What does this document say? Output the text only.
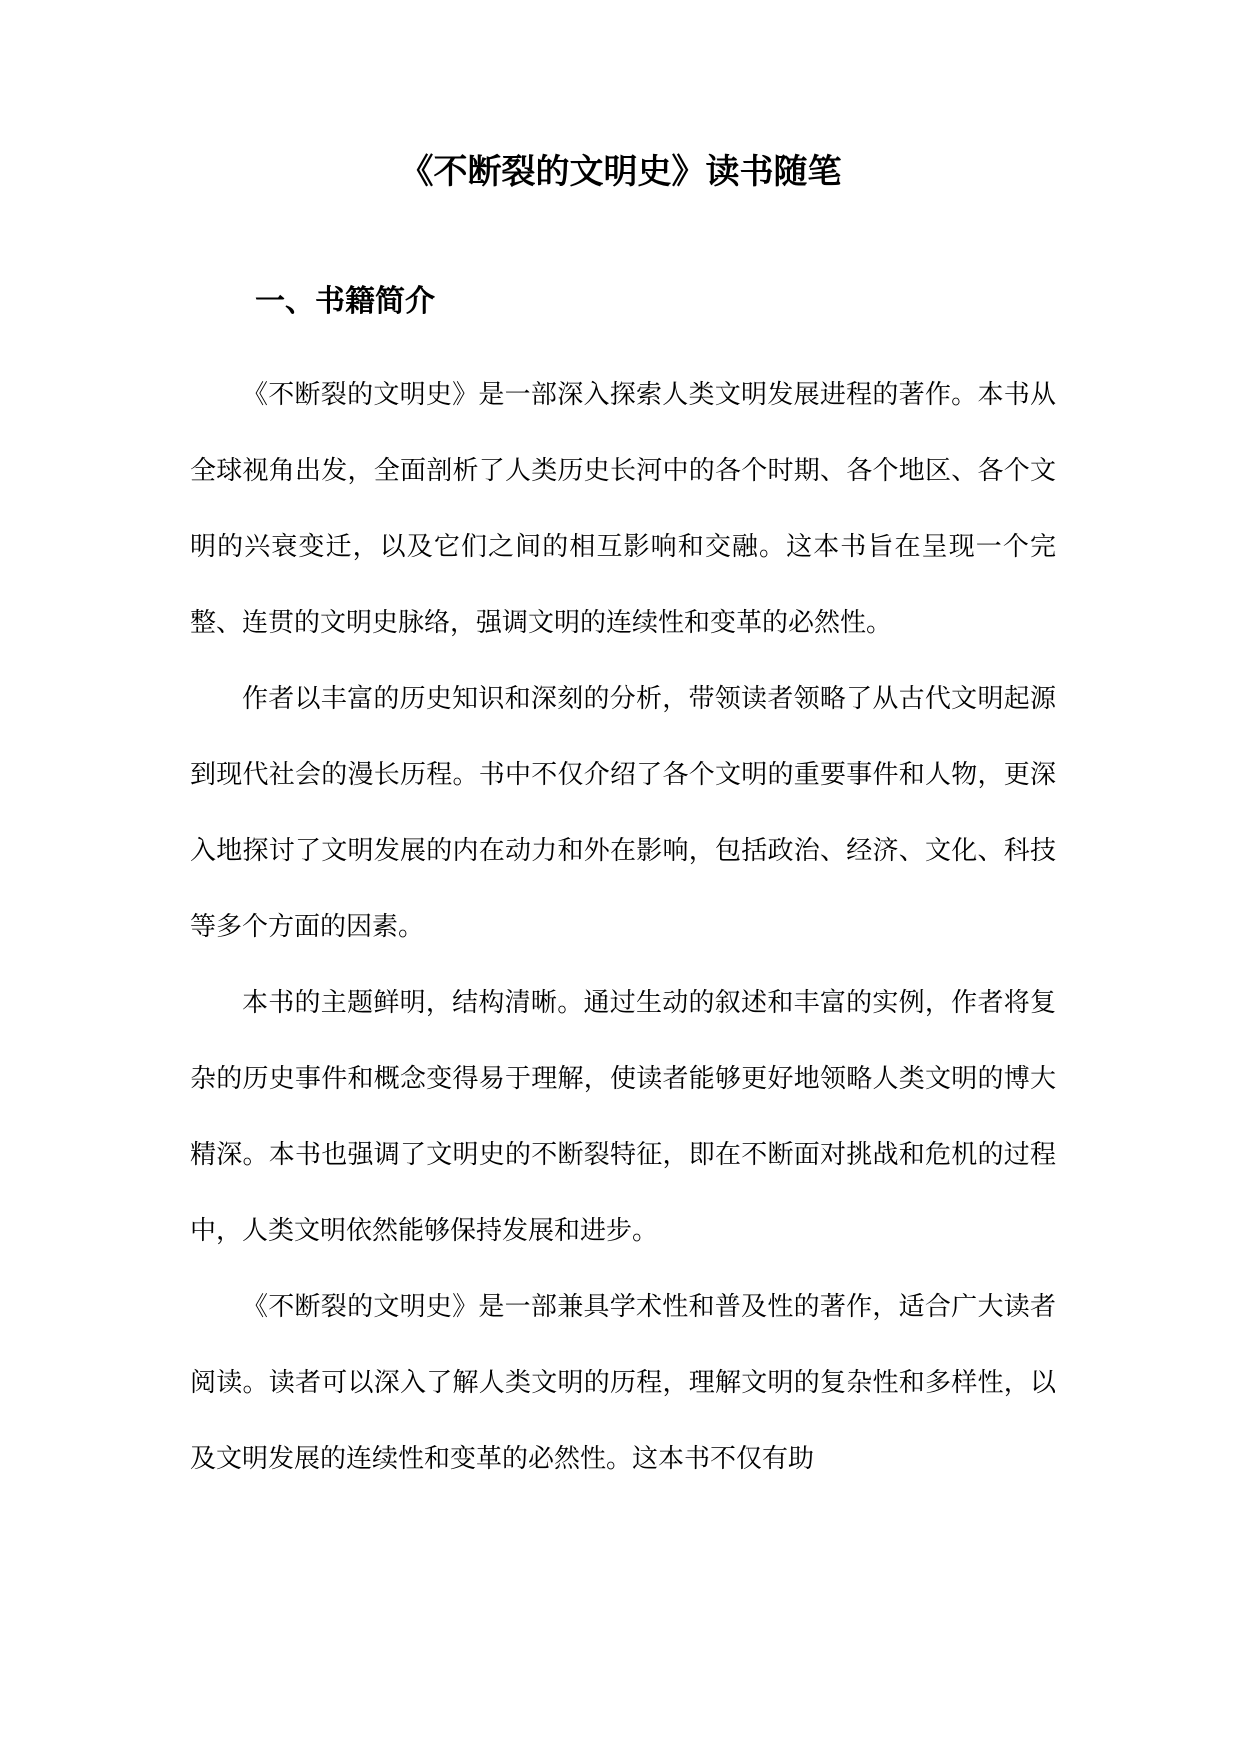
《不断裂的文明史》读书随笔
一、书籍简介

《不断裂的文明史》是一部深入探索人类文明发展进程的著作。本书从全球视角出发，全面剖析了人类历史长河中的各个时期、各个地区、各个文明的兴衰变迁，以及它们之间的相互影响和交融。这本书旨在呈现一个完整、连贯的文明史脉络，强调文明的连续性和变革的必然性。

作者以丰富的历史知识和深刻的分析，带领读者领略了从古代文明起源到现代社会的漫长历程。书中不仅介绍了各个文明的重要事件和人物，更深入地探讨了文明发展的内在动力和外在影响，包括政治、经济、文化、科技等多个方面的因素。

本书的主题鲜明，结构清晰。通过生动的叙述和丰富的实例，作者将复杂的历史事件和概念变得易于理解，使读者能够更好地领略人类文明的博大精深。本书也强调了文明史的不断裂特征，即在不断面对挑战和危机的过程中，人类文明依然能够保持发展和进步。

《不断裂的文明史》是一部兼具学术性和普及性的著作，适合广大读者阅读。读者可以深入了解人类文明的历程，理解文明的复杂性和多样性，以及文明发展的连续性和变革的必然性。这本书不仅有助
